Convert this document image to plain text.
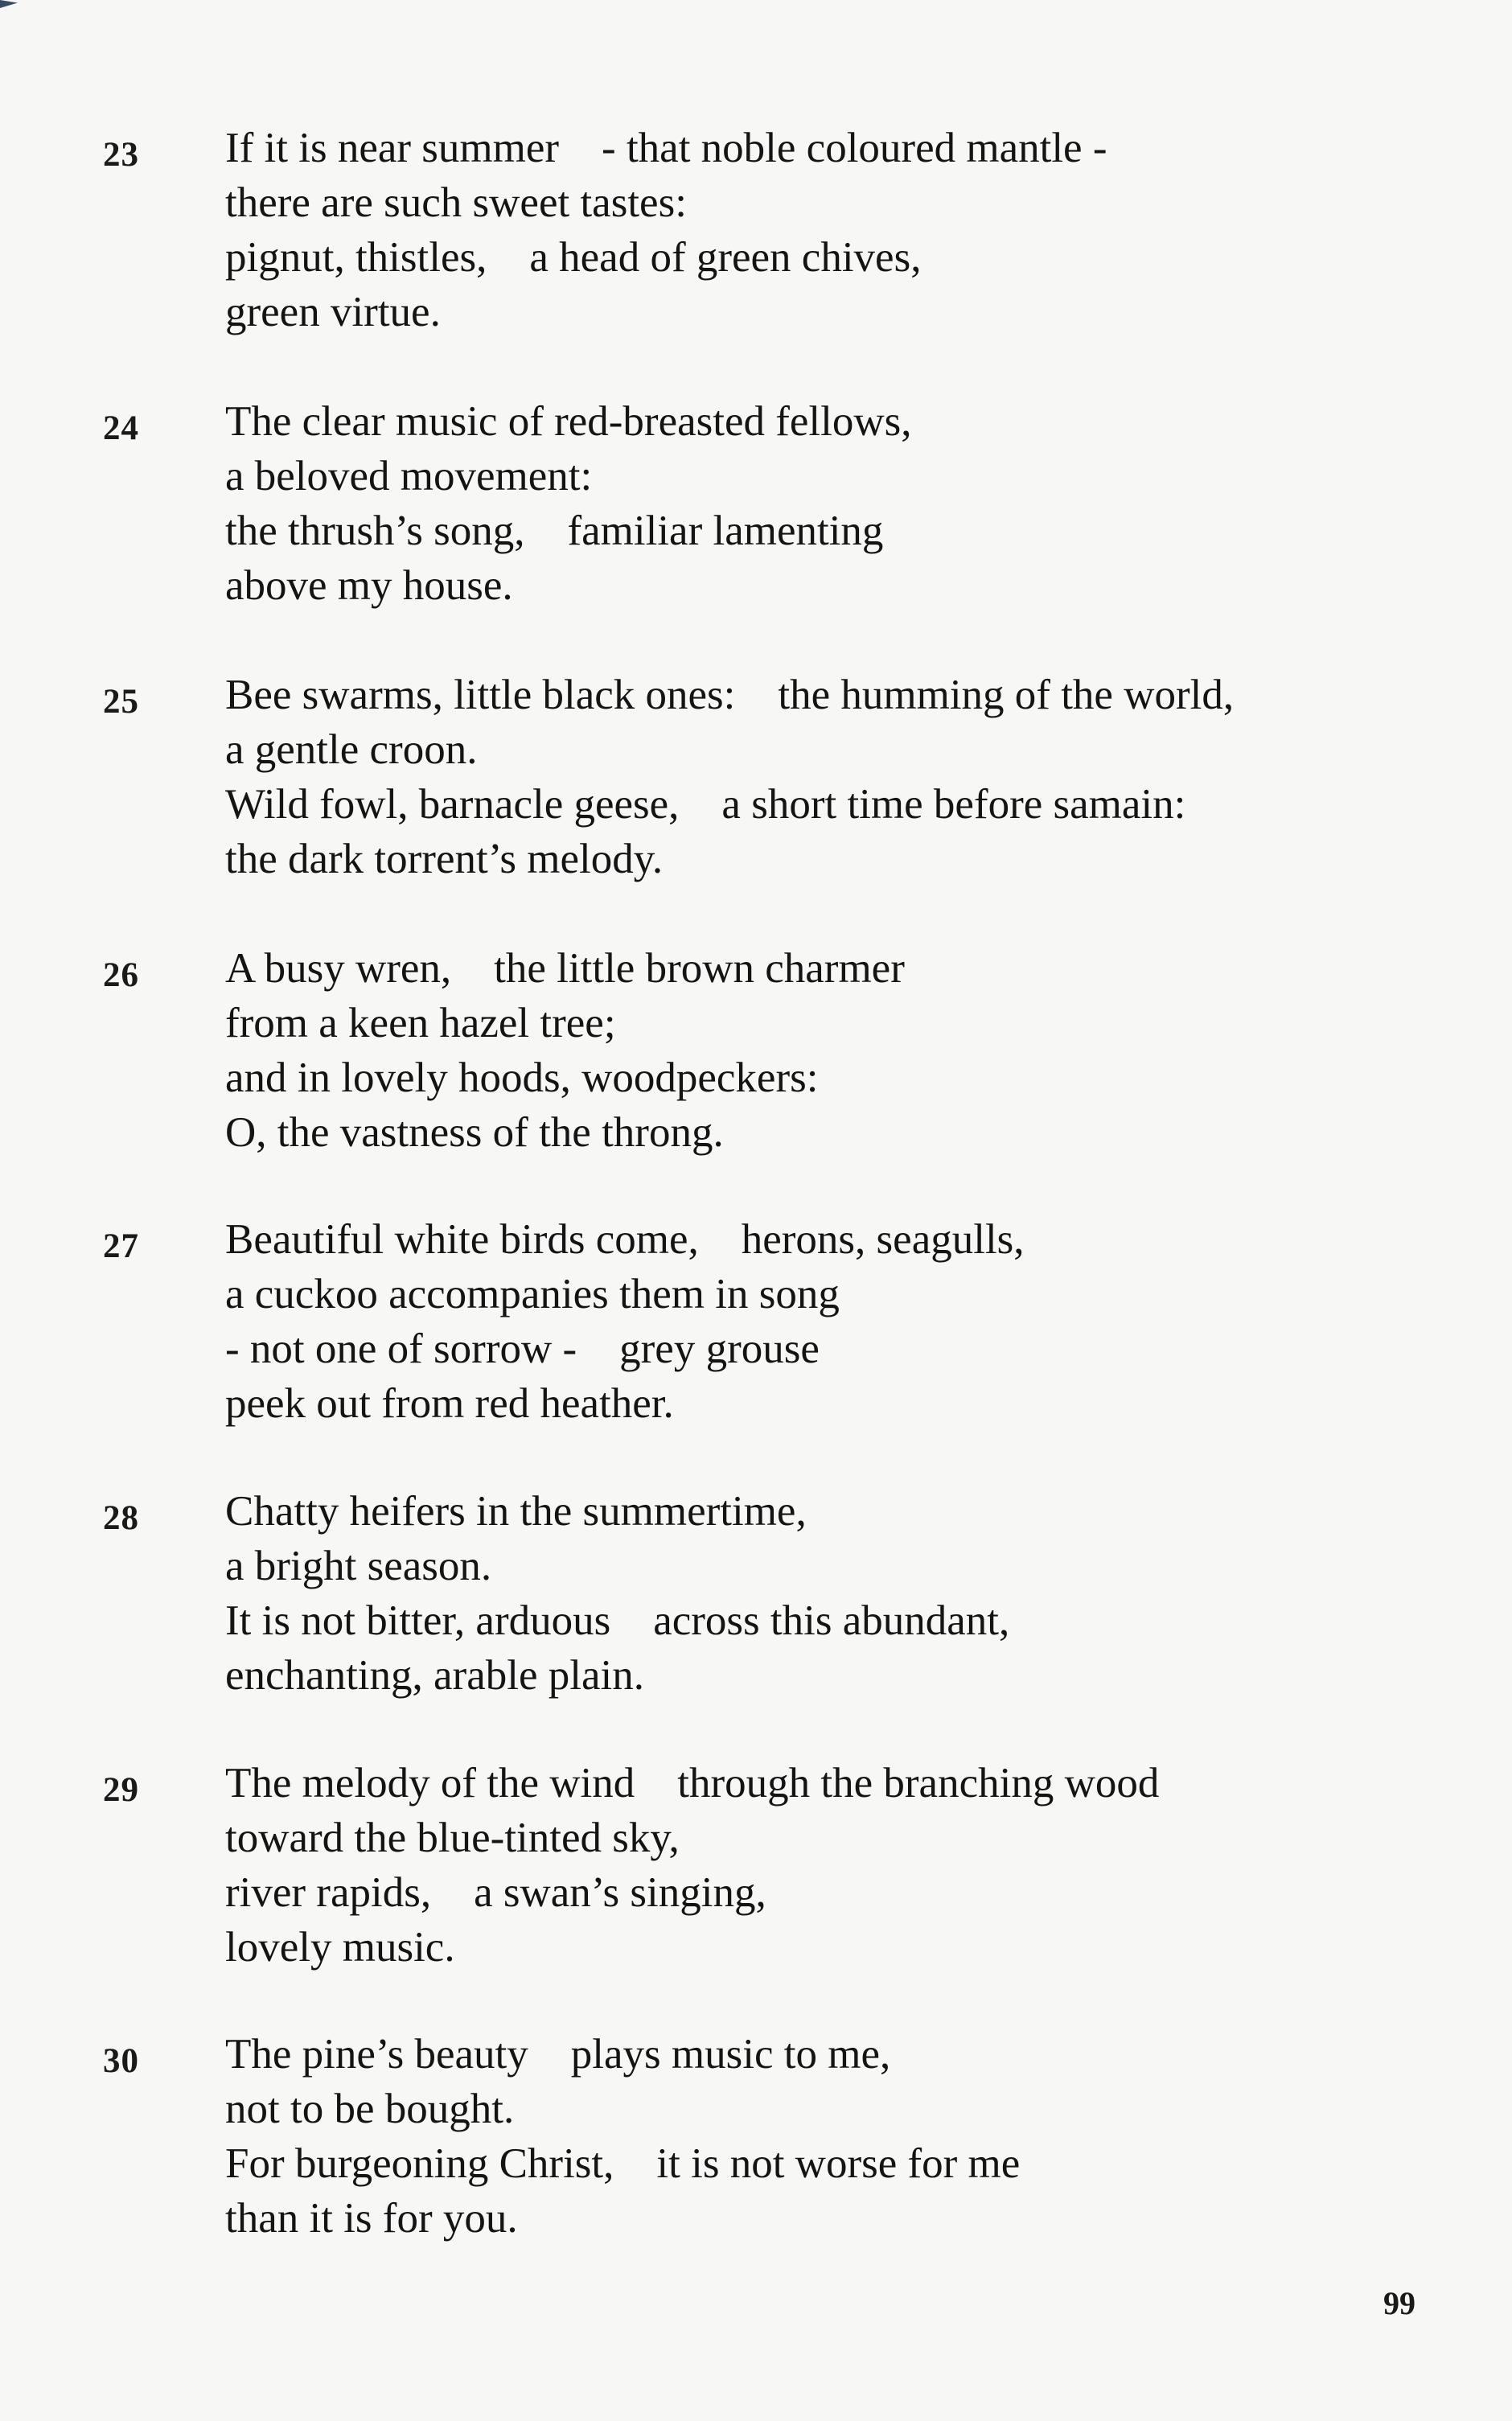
23 If it is near summer    - that noble coloured mantle -
there are such sweet tastes:
pignut, thistles,    a head of green chives,
green virtue.
24 The clear music of red-breasted fellows,
a beloved movement:
the thrush’s song,    familiar lamenting
above my house.
25 Bee swarms, little black ones:    the humming of the world,
a gentle croon.
Wild fowl, barnacle geese,    a short time before samain:
the dark torrent’s melody.
26 A busy wren,    the little brown charmer
from a keen hazel tree;
and in lovely hoods, woodpeckers:
O, the vastness of the throng.
27 Beautiful white birds come,    herons, seagulls,
a cuckoo accompanies them in song
- not one of sorrow -    grey grouse
peek out from red heather.
28 Chatty heifers in the summertime,
a bright season.
It is not bitter, arduous    across this abundant,
enchanting, arable plain.
29 The melody of the wind    through the branching wood
toward the blue-tinted sky,
river rapids,    a swan’s singing,
lovely music.
30 The pine’s beauty    plays music to me,
not to be bought.
For burgeoning Christ,    it is not worse for me
than it is for you.
99
